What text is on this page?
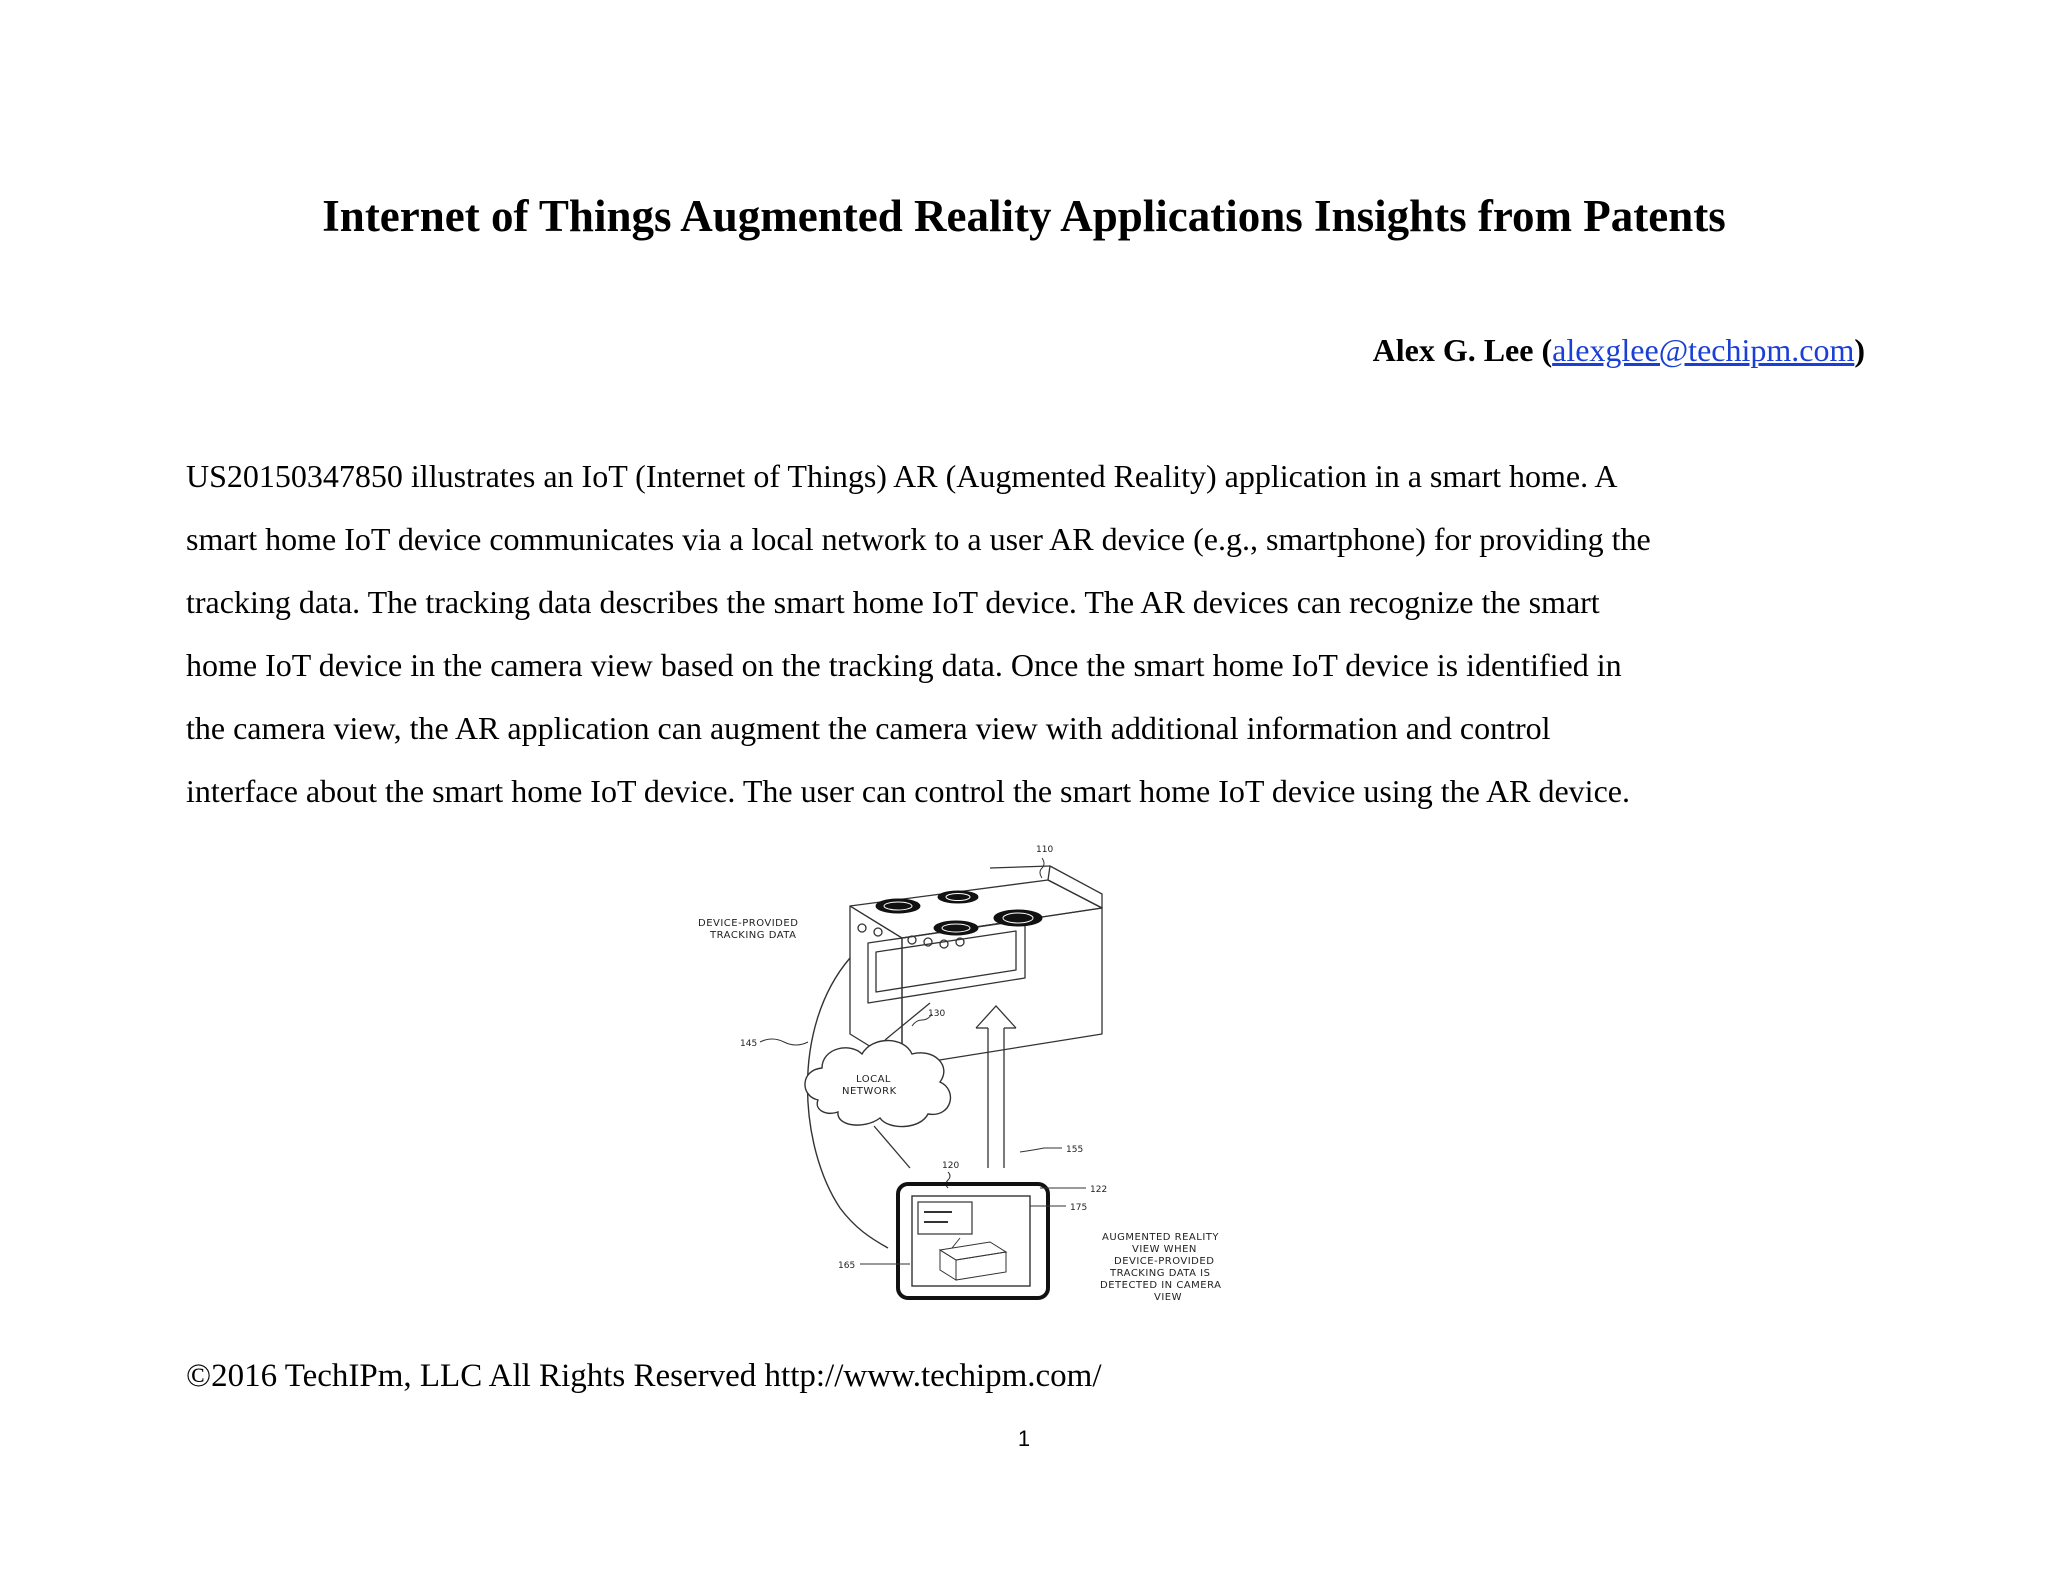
Internet of Things Augmented Reality Applications Insights from Patents
Alex G. Lee (alexglee@techipm.com)
US20150347850 illustrates an IoT (Internet of Things) AR (Augmented Reality) application in a smart home. A
smart home IoT device communicates via a local network to a user AR device (e.g., smartphone) for providing the
tracking data. The tracking data describes the smart home IoT device. The AR devices can recognize the smart
home IoT device in the camera view based on the tracking data. Once the smart home IoT device is identified in
the camera view, the AR application can augment the camera view with additional information and control
interface about the smart home IoT device. The user can control the smart home IoT device using the AR device.
110
DEVICE-PROVIDED
TRACKING DATA
145
LOCAL
NETWORK
130
155
120
122
175
165
AUGMENTED REALITY
VIEW WHEN
DEVICE-PROVIDED
TRACKING DATA IS
DETECTED IN CAMERA
VIEW
©2016 TechIPm, LLC All Rights Reserved http://www.techipm.com/
1
